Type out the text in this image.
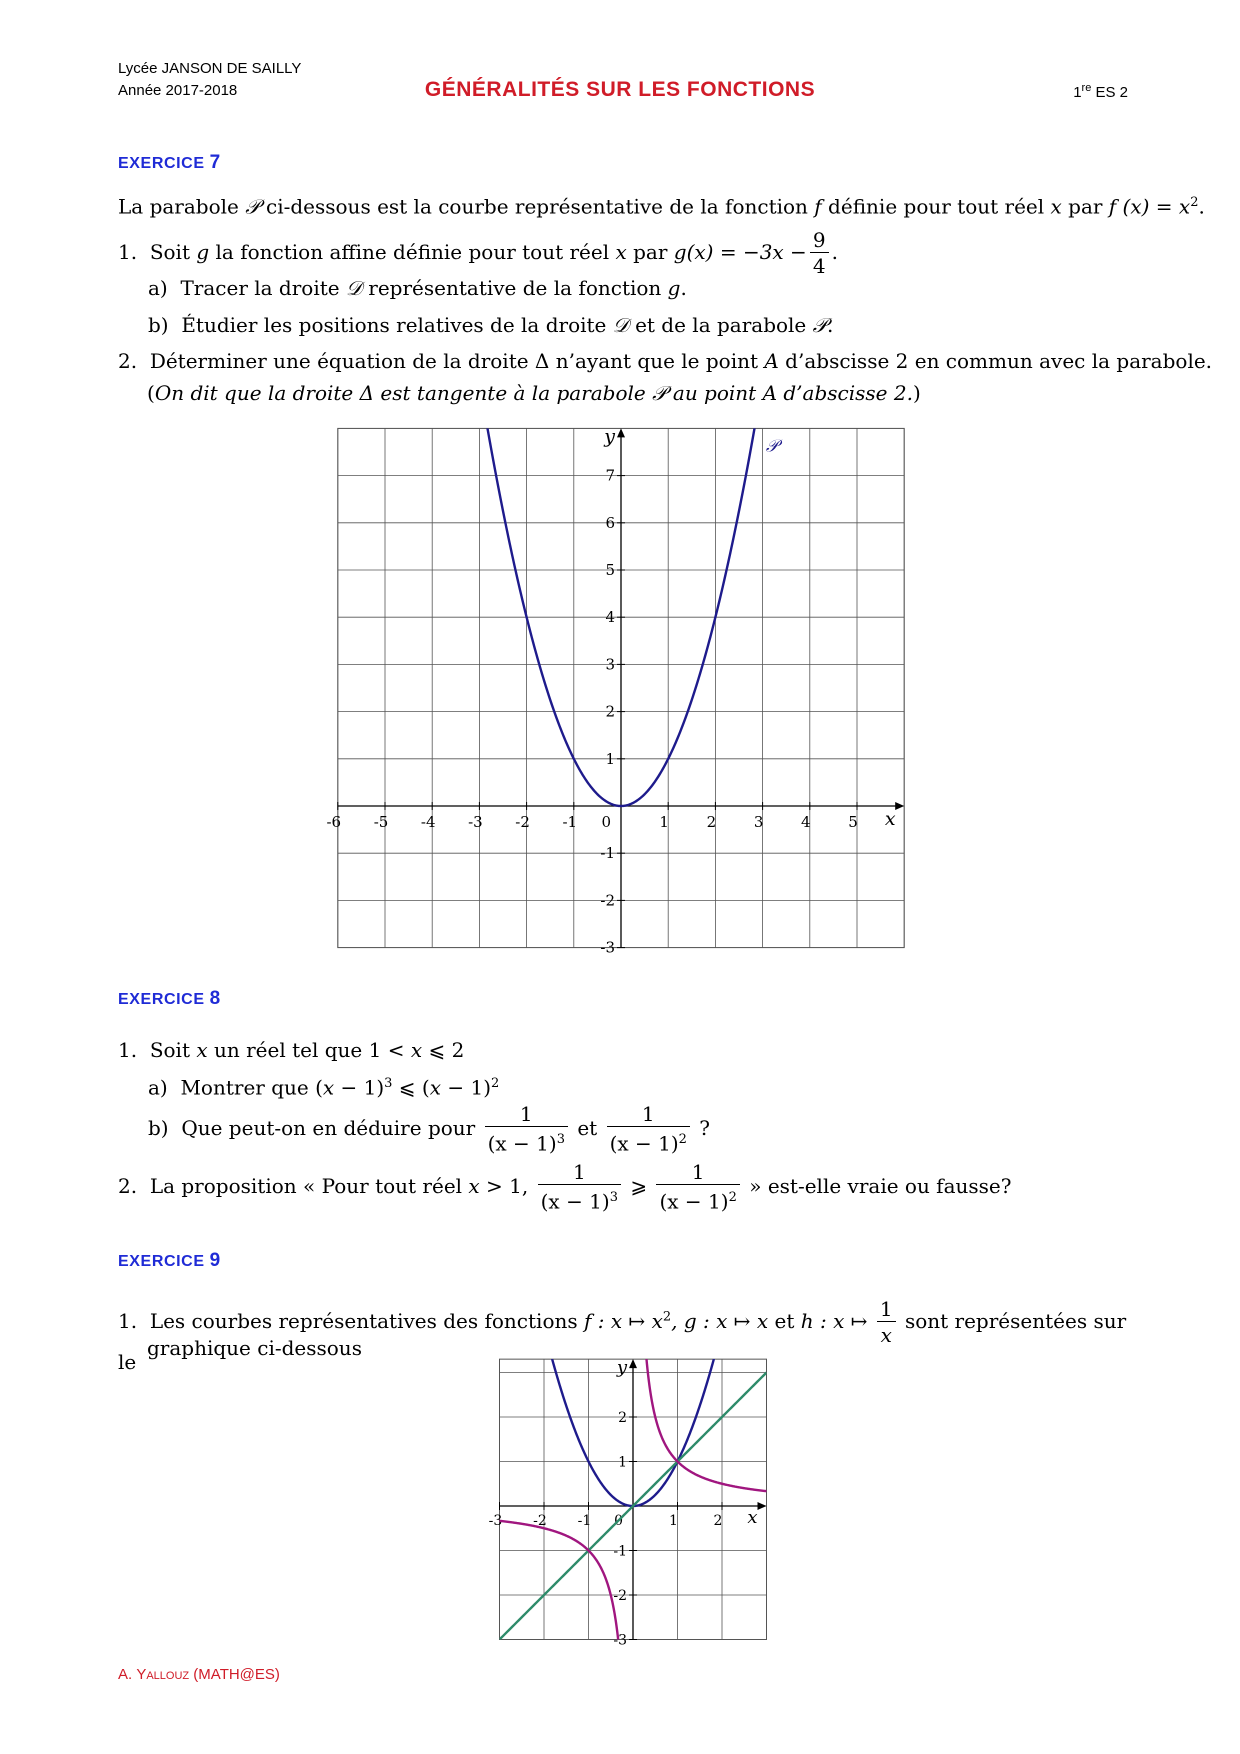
Lycée JANSON DE SAILLY
Année 2017-2018	GÉNÉRALITÉS SUR LES FONCTIONS	1re ES 2
EXERCICE 7
La parabole 𝒫 ci-dessous est la courbe représentative de la fonction f définie pour tout réel x par f $(x) = x^2$.
1. Soit g la fonction affine définie pour tout réel x par $g(x) = -3x - \frac{9}{4}$ .
a) Tracer la droite 𝒟 représentative de la fonction g.
b) Étudier les positions relatives de la droite 𝒟 et de la parabole 𝒫.
2. Déterminer une équation de la droite Δ n’ayant que le point A d’abscisse 2 en commun avec la parabole.
(On dit que la droite Δ est tangente à la parabole 𝒫 au point A d’abscisse 2.)
-6 -5 -4 -3 -2 -1	1	2	3	4	5
-3
-2
-1
1
2
3
4
5
6
7
0	x
y	𝒫
EXERCICE 8
1. Soit x un réel tel que 1 < x ⩽ 2
a) Montrer que $(x - 1)^3$ ⩽ $(x - 1)^2$
b) Que peut-on en déduire pour $\frac{1}{(x - 1)^3}$ et $\frac{1}{(x - 1)^2}$ ?
2. La proposition « Pour tout réel x > 1, $\frac{1}{(x - 1)^3}$ ⩾ $\frac{1}{(x - 1)^2}$ » est-elle vraie ou fausse?
EXERCICE 9
1. Les courbes représentatives des fonctions f : x ↦ $x^2$, g : x ↦ x et h : x ↦ $\frac{1}{x}$ sont représentées sur le
graphique ci-dessous
-3 -2 -1	1	2
-3
-2
-1
1
2
0	x
y
A. Yallouz (MATH@ES)
